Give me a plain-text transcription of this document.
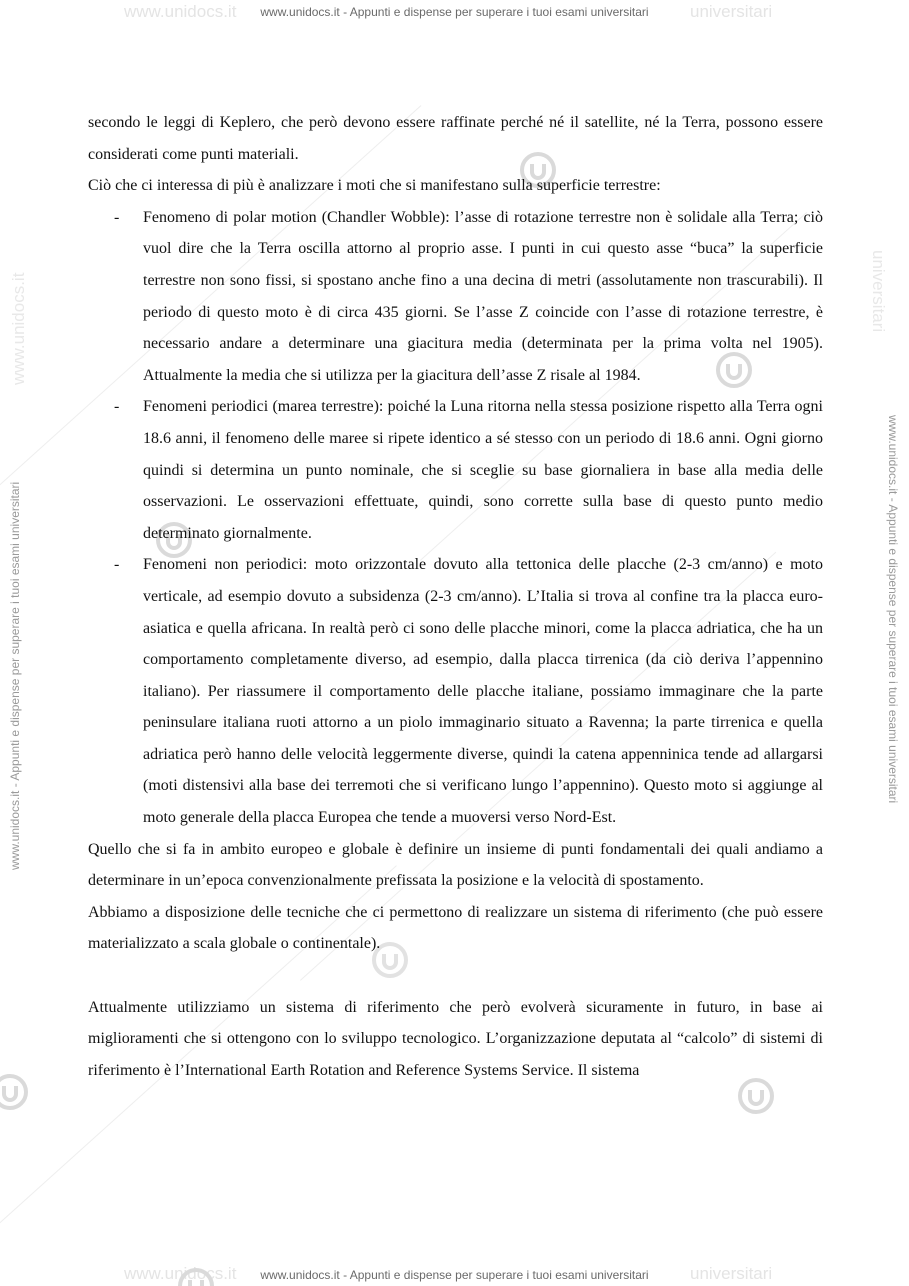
www.unidocs.it	universitari
www.unidocs.it - Appunti e dispense per superare i tuoi esami universitari
www.unidocs.it	universitari
www.unidocs.it - Appunti e dispense per superare i tuoi esami universitari
www.unidocs.it - Appunti e dispense per superare i tuoi esami universitari	www.unidocs.it - Appunti e dispense per superare i tuoi esami universitari
www.unidocs.it	universitari

secondo le leggi di Keplero, che però devono essere raffinate perché né il satellite, né la Terra, possono essere considerati come punti materiali.

Ciò che ci interessa di più è analizzare i moti che si manifestano sulla superficie terrestre:

- Fenomeno di polar motion (Chandler Wobble): l’asse di rotazione terrestre non è solidale alla Terra; ciò vuol dire che la Terra oscilla attorno al proprio asse. I punti in cui questo asse “buca” la superficie terrestre non sono fissi, si spostano anche fino a una decina di metri (assolutamente non trascurabili). Il periodo di questo moto è di circa 435 giorni. Se l’asse Z coincide con l’asse di rotazione terrestre, è necessario andare a determinare una giacitura media (determinata per la prima volta nel 1905). Attualmente la media che si utilizza per la giacitura dell’asse Z risale al 1984.
- Fenomeni periodici (marea terrestre): poiché la Luna ritorna nella stessa posizione rispetto alla Terra ogni 18.6 anni, il fenomeno delle maree si ripete identico a sé stesso con un periodo di 18.6 anni. Ogni giorno quindi si determina un punto nominale, che si sceglie su base giornaliera in base alla media delle osservazioni. Le osservazioni effettuate, quindi, sono corrette sulla base di questo punto medio determinato giornalmente.
- Fenomeni non periodici: moto orizzontale dovuto alla tettonica delle placche (2-3 cm/anno) e moto verticale, ad esempio dovuto a subsidenza (2-3 cm/anno). L’Italia si trova al confine tra la placca euro-asiatica e quella africana. In realtà però ci sono delle placche minori, come la placca adriatica, che ha un comportamento completamente diverso, ad esempio, dalla placca tirrenica (da ciò deriva l’appennino italiano). Per riassumere il comportamento delle placche italiane, possiamo immaginare che la parte peninsulare italiana ruoti attorno a un piolo immaginario situato a Ravenna; la parte tirrenica e quella adriatica però hanno delle velocità leggermente diverse, quindi la catena appenninica tende ad allargarsi (moti distensivi alla base dei terremoti che si verificano lungo l’appennino). Questo moto si aggiunge al moto generale della placca Europea che tende a muoversi verso Nord-Est.

Quello che si fa in ambito europeo e globale è definire un insieme di punti fondamentali dei quali andiamo a determinare in un’epoca convenzionalmente prefissata la posizione e la velocità di spostamento.

Abbiamo a disposizione delle tecniche che ci permettono di realizzare un sistema di riferimento (che può essere materializzato a scala globale o continentale).

Attualmente utilizziamo un sistema di riferimento che però evolverà sicuramente in futuro, in base ai miglioramenti che si ottengono con lo sviluppo tecnologico. L’organizzazione deputata al “calcolo” di sistemi di riferimento è l’International Earth Rotation and Reference Systems Service. Il sistema
